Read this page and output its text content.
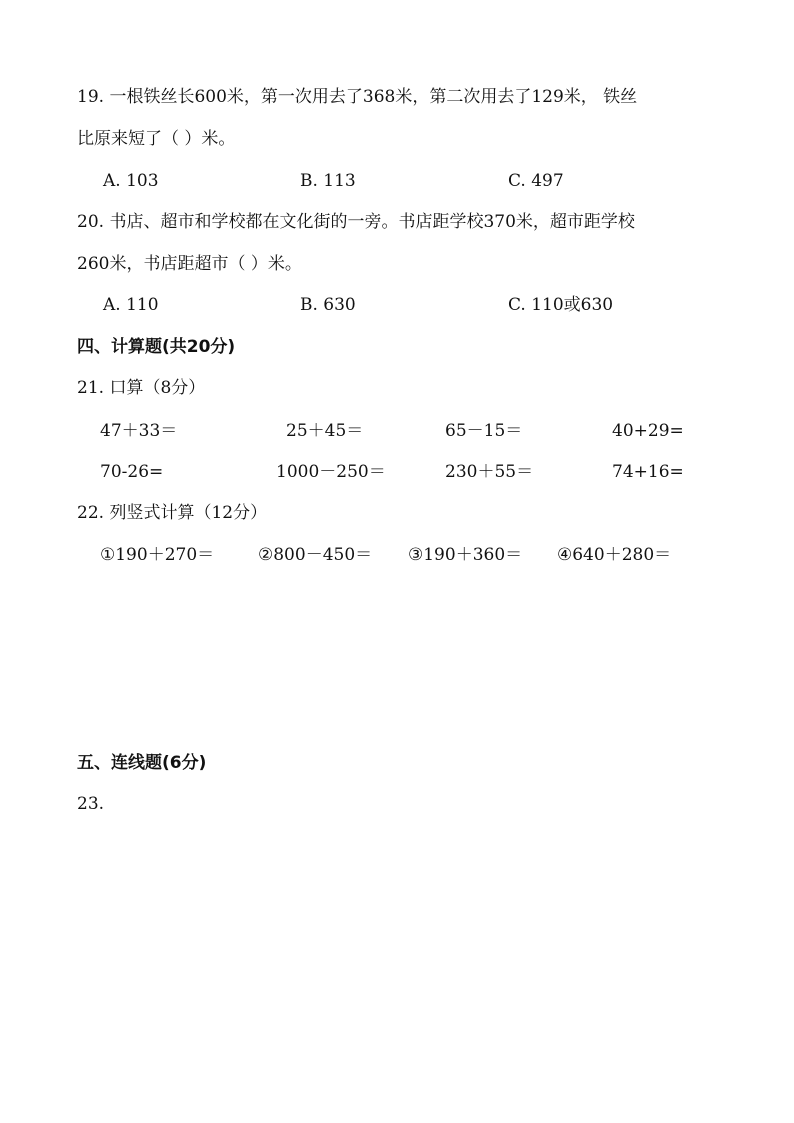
19. 一根铁丝长600米，第一次用去了368米，第二次用去了129米， 铁丝
比原来短了（ ）米。
A. 103	B. 113	C. 497
20. 书店、超市和学校都在文化街的一旁。书店距学校370米，超市距学校
260米，书店距超市（ ）米。
A. 110	B. 630	C. 110或630
四、计算题(共20分)
21. 口算（8分）
47＋33＝	25＋45＝	65－15＝	40+29=
70-26=	1000－250＝	230＋55＝	74+16=
22. 列竖式计算（12分）
①190＋270＝	②800－450＝ ③190＋360＝ ④640＋280＝
五、连线题(6分)
23.
